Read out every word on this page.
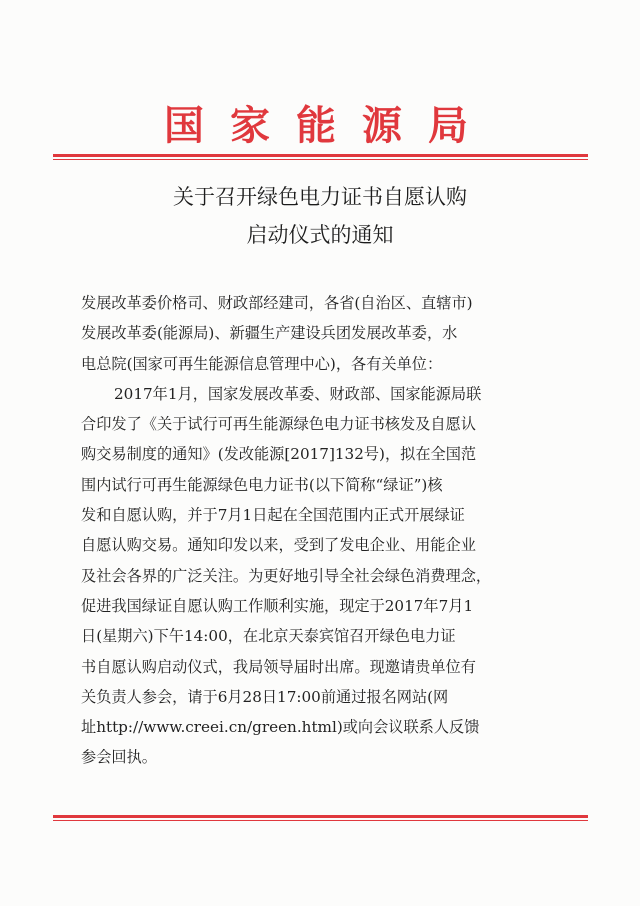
国家能源局
关于召开绿色电力证书自愿认购
启动仪式的通知

发展改革委价格司、财政部经建司，各省(自治区、直辖市)

发展改革委(能源局)、新疆生产建设兵团发展改革委，水

电总院(国家可再生能源信息管理中心)，各有关单位：

2017年1月，国家发展改革委、财政部、国家能源局联

合印发了《关于试行可再生能源绿色电力证书核发及自愿认

购交易制度的通知》(发改能源[2017]132号)，拟在全国范

围内试行可再生能源绿色电力证书(以下简称“绿证”)核

发和自愿认购，并于7月1日起在全国范围内正式开展绿证

自愿认购交易。通知印发以来，受到了发电企业、用能企业

及社会各界的广泛关注。为更好地引导全社会绿色消费理念，

促进我国绿证自愿认购工作顺利实施，现定于2017年7月1

日(星期六)下午14:00，在北京天泰宾馆召开绿色电力证

书自愿认购启动仪式，我局领导届时出席。现邀请贵单位有

关负责人参会，请于6月28日17:00前通过报名网站(网

址http://www.creei.cn/green.html)或向会议联系人反馈

参会回执。
